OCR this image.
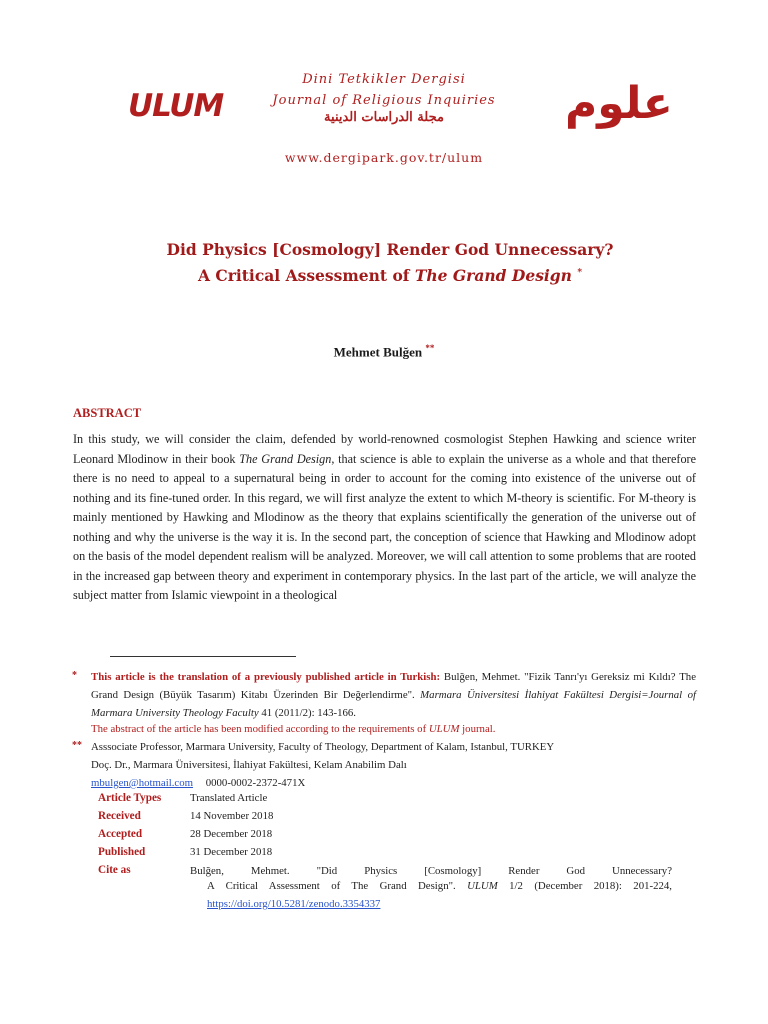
ULUM	علوم
Dini Tetkikler Dergisi
Journal of Religious Inquiries
مجلة الدراسات الدينية
www.dergipark.gov.tr/ulum
Did Physics [Cosmology] Render God Unnecessary?
A Critical Assessment of The Grand Design *
Mehmet Bulğen **
ABSTRACT
In this study, we will consider the claim, defended by world-renowned cosmologist Stephen Hawking and science writer Leonard Mlodinow in their book The Grand Design, that science is able to explain the universe as a whole and that therefore there is no need to appeal to a supernatural being in order to account for the coming into existence of the universe out of nothing and its fine-tuned order. In this regard, we will first analyze the extent to which M-theory is scientific. For M-theory is mainly mentioned by Hawking and Mlodinow as the theory that explains scientifically the generation of the universe out of nothing and why the universe is the way it is. In the second part, the conception of science that Hawking and Mlodinow adopt on the basis of the model dependent realism will be analyzed. Moreover, we will call attention to some problems that are rooted in the increased gap between theory and experiment in contemporary physics. In the last part of the article, we will analyze the subject matter from Islamic viewpoint in a theological
* This article is the translation of a previously published article in Turkish: Bulğen, Mehmet. "Fizik Tanrı'yı Gereksiz mi Kıldı? The Grand Design (Büyük Tasarım) Kitabı Üzerinden Bir Değerlendirme". Marmara Üniversitesi İlahiyat Fakültesi Dergisi=Journal of Marmara University Theology Faculty 41 (2011/2): 143-166.
The abstract of the article has been modified according to the requirements of ULUM journal.
** Asssociate Professor, Marmara University, Faculty of Theology, Department of Kalam, Istanbul, TURKEY
Doç. Dr., Marmara Üniversitesi, İlahiyat Fakültesi, Kelam Anabilim Dalı
mbulgen@hotmail.com 0000-0002-2372-471X
Article Types	Translated Article
Received	14 November 2018
Accepted	28 December 2018
Published	31 December 2018
Cite as	Bulğen, Mehmet. "Did Physics [Cosmology] Render God Unnecessary?
A Critical Assessment of The Grand Design". ULUM 1/2 (December 2018): 201-224,
https://doi.org/10.5281/zenodo.3354337
